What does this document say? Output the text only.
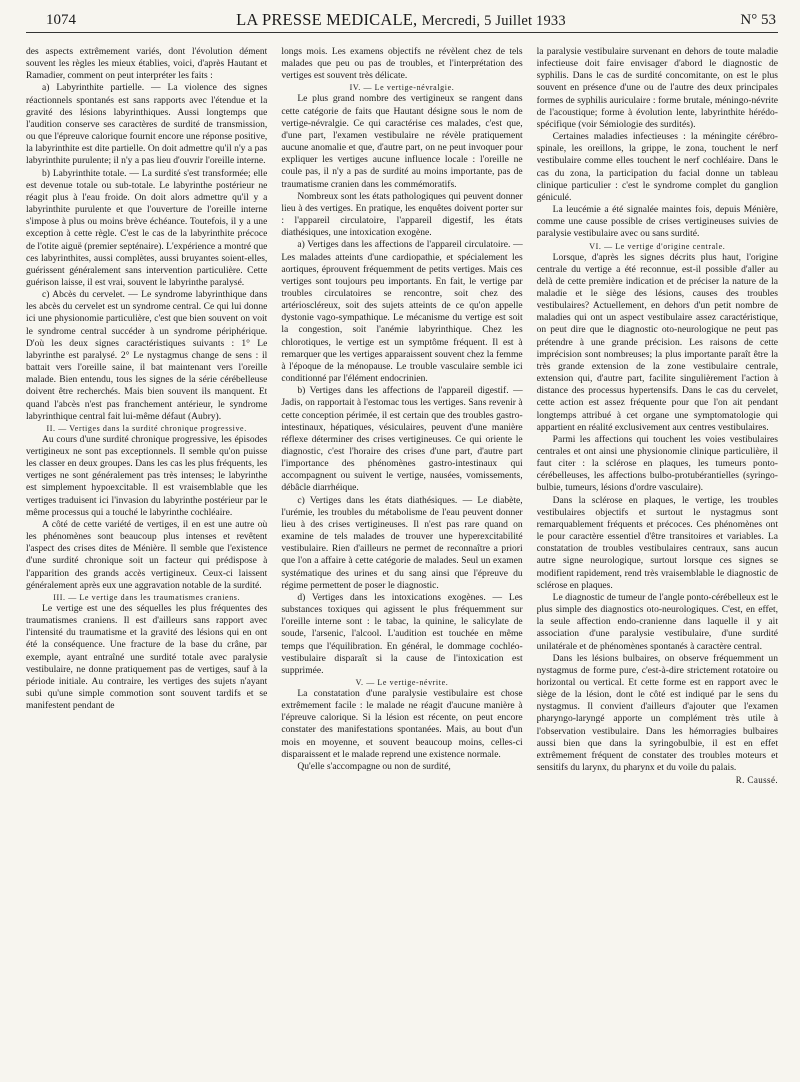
1074	LA PRESSE MEDICALE, Mercredi, 5 Juillet 1933	N° 53

des aspects extrêmement variés, dont l'évolution dément souvent les règles les mieux établies, voici, d'après Hautant et Ramadier, comment on peut interpréter les faits :

a) Labyrinthite partielle. — La violence des signes réactionnels spontanés est sans rapports avec l'étendue et la gravité des lésions labyrinthiques. Aussi longtemps que l'audition conserve ses caractères de surdité de transmission, ou que l'épreuve calorique fournit encore une réponse positive, la labyrinthite est dite partielle. On doit admettre qu'il n'y a pas labyrinthite purulente; il n'y a pas lieu d'ouvrir l'oreille interne.

b) Labyrinthite totale. — La surdité s'est transformée; elle est devenue totale ou sub-totale. Le labyrinthe postérieur ne réagit plus à l'eau froide. On doit alors admettre qu'il y a labyrinthite purulente et que l'ouverture de l'oreille interne s'impose à plus ou moins brève échéance. Toutefois, il y a une exception à cette règle. C'est le cas de la labyrinthite précoce de l'otite aiguë (premier septénaire). L'expérience a montré que ces labyrinthites, aussi complètes, aussi bruyantes soient-elles, guérissent généralement sans intervention particulière. Cette guérison laisse, il est vrai, souvent le labyrinthe paralysé.

c) Abcès du cervelet. — Le syndrome labyrinthique dans les abcès du cervelet est un syndrome central. Ce qui lui donne ici une physionomie particulière, c'est que bien souvent on voit le syndrome central succéder à un syndrome périphérique. D'où les deux signes caractéristiques suivants : 1° Le labyrinthe est paralysé. 2° Le nystagmus change de sens : il battait vers l'oreille saine, il bat maintenant vers l'oreille malade. Bien entendu, tous les signes de la série cérébelleuse doivent être recherchés. Mais bien souvent ils manquent. Et quand l'abcès n'est pas franchement antérieur, le syndrome labyrinthique central fait lui-même défaut (Aubry).

II. — Vertiges dans la surdité chronique progressive.

Au cours d'une surdité chronique progressive, les épisodes vertigineux ne sont pas exceptionnels. Il semble qu'on puisse les classer en deux groupes. Dans les cas les plus fréquents, les vertiges ne sont généralement pas très intenses; le labyrinthe est simplement hypoexcitable. Il est vraisemblable que les vertiges traduisent ici l'invasion du labyrinthe postérieur par le même processus qui a touché le labyrinthe cochléaire.

A côté de cette variété de vertiges, il en est une autre où les phénomènes sont beaucoup plus intenses et revêtent l'aspect des crises dites de Ménière. Il semble que l'existence d'une surdité chronique soit un facteur qui prédispose à l'apparition des grands accès vertigineux. Ceux-ci laissent généralement après eux une aggravation notable de la surdité.

III. — Le vertige dans les traumatismes craniens.

Le vertige est une des séquelles les plus fréquentes des traumatismes craniens. Il est d'ailleurs sans rapport avec l'intensité du traumatisme et la gravité des lésions qui en ont été la conséquence. Une fracture de la base du crâne, par exemple, ayant entraîné une surdité totale avec paralysie vestibulaire, ne donne pratiquement pas de vertiges, sauf à la période initiale. Au contraire, les vertiges des sujets n'ayant subi qu'une simple commotion sont souvent tardifs et se manifestent pendant de

longs mois. Les examens objectifs ne révèlent chez de tels malades que peu ou pas de troubles, et l'interprétation des vertiges est souvent très délicate.

IV. — Le vertige-névralgie.

Le plus grand nombre des vertigineux se rangent dans cette catégorie de faits que Hautant désigne sous le nom de vertige-névralgie. Ce qui caractérise ces malades, c'est que, d'une part, l'examen vestibulaire ne révèle pratiquement aucune anomalie et que, d'autre part, on ne peut invoquer pour expliquer les vertiges aucune influence locale : l'oreille ne coule pas, il n'y a pas de surdité au moins importante, pas de traumatisme cranien dans les commémoratifs.

Nombreux sont les états pathologiques qui peuvent donner lieu à des vertiges. En pratique, les enquêtes doivent porter sur : l'appareil circulatoire, l'appareil digestif, les états diathésiques, une intoxication exogène.

a) Vertiges dans les affections de l'appareil circulatoire. — Les malades atteints d'une cardiopathie, et spécialement les aortiques, éprouvent fréquemment de petits vertiges. Mais ces vertiges sont toujours peu importants. En fait, le vertige par troubles circulatoires se rencontre, soit chez des artérioscléreux, soit des sujets atteints de ce qu'on appelle dystonie vago-sympathique. Le mécanisme du vertige est soit la congestion, soit l'anémie labyrinthique. Chez les chlorotiques, le vertige est un symptôme fréquent. Il est à remarquer que les vertiges apparaissent souvent chez la femme à l'époque de la ménopause. Le trouble vasculaire semble ici conditionné par l'élément endocrinien.

b) Vertiges dans les affections de l'appareil digestif. — Jadis, on rapportait à l'estomac tous les vertiges. Sans revenir à cette conception périmée, il est certain que des troubles gastro-intestinaux, hépatiques, vésiculaires, peuvent d'une manière réflexe déterminer des crises vertigineuses. Ce qui oriente le diagnostic, c'est l'horaire des crises d'une part, d'autre part l'importance des phénomènes gastro-intestinaux qui accompagnent ou suivent le vertige, nausées, vomissements, débâcle diarrhéique.

c) Vertiges dans les états diathésiques. — Le diabète, l'urémie, les troubles du métabolisme de l'eau peuvent donner lieu à des crises vertigineuses. Il n'est pas rare quand on examine de tels malades de trouver une hyperexcitabilité vestibulaire. Rien d'ailleurs ne permet de reconnaître a priori que l'on a affaire à cette catégorie de malades. Seul un examen systématique des urines et du sang ainsi que l'épreuve du régime permettent de poser le diagnostic.

d) Vertiges dans les intoxications exogènes. — Les substances toxiques qui agissent le plus fréquemment sur l'oreille interne sont : le tabac, la quinine, le salicylate de soude, l'arsenic, l'alcool. L'audition est touchée en même temps que l'équilibration. En général, le dommage cochléo-vestibulaire disparaît si la cause de l'intoxication est supprimée.

V. — Le vertige-névrite.

La constatation d'une paralysie vestibulaire est chose extrêmement facile : le malade ne réagit d'aucune manière à l'épreuve calorique. Si la lésion est récente, on peut encore constater des manifestations spontanées. Mais, au bout d'un mois en moyenne, et souvent beaucoup moins, celles-ci disparaissent et le malade reprend une existence normale.

Qu'elle s'accompagne ou non de surdité,

la paralysie vestibulaire survenant en dehors de toute maladie infectieuse doit faire envisager d'abord le diagnostic de syphilis. Dans le cas de surdité concomitante, on est le plus souvent en présence d'une ou de l'autre des deux principales formes de syphilis auriculaire : forme brutale, méningo-névrite de l'acoustique; forme à évolution lente, labyrinthite hérédo-spécifique (voir Sémiologie des surdités).

Certaines maladies infectieuses : la méningite cérébro-spinale, les oreillons, la grippe, le zona, touchent le nerf vestibulaire comme elles touchent le nerf cochléaire. Dans le cas du zona, la participation du facial donne un tableau clinique particulier : c'est le syndrome complet du ganglion géniculé.

La leucémie a été signalée maintes fois, depuis Ménière, comme une cause possible de crises vertigineuses suivies de paralysie vestibulaire avec ou sans surdité.

VI. — Le vertige d'origine centrale.

Lorsque, d'après les signes décrits plus haut, l'origine centrale du vertige a été reconnue, est-il possible d'aller au delà de cette première indication et de préciser la nature de la maladie et le siège des lésions, causes des troubles vestibulaires? Actuellement, en dehors d'un petit nombre de maladies qui ont un aspect vestibulaire assez caractéristique, on peut dire que le diagnostic oto-neurologique ne peut pas prétendre à une grande précision. Les raisons de cette imprécision sont nombreuses; la plus importante paraît être la très grande extension de la zone vestibulaire centrale, extension qui, d'autre part, facilite singulièrement l'action à distance des processus hypertensifs. Dans le cas du cervelet, cette action est assez fréquente pour que l'on ait pendant longtemps attribué à cet organe une symptomatologie qui appartient en réalité exclusivement aux centres vestibulaires.

Parmi les affections qui touchent les voies vestibulaires centrales et ont ainsi une physionomie clinique particulière, il faut citer : la sclérose en plaques, les tumeurs ponto-cérébelleuses, les affections bulbo-protubérantielles (syringo-bulbie, tumeurs, lésions d'ordre vasculaire).

Dans la sclérose en plaques, le vertige, les troubles vestibulaires objectifs et surtout le nystagmus sont remarquablement fréquents et précoces. Ces phénomènes ont le pour caractère essentiel d'être transitoires et variables. La constatation de troubles vestibulaires centraux, sans aucun autre signe neurologique, surtout lorsque ces signes se modifient rapidement, rend très vraisemblable le diagnostic de sclérose en plaques.

Le diagnostic de tumeur de l'angle ponto-cérébelleux est le plus simple des diagnostics oto-neurologiques. C'est, en effet, la seule affection endo-cranienne dans laquelle il y ait association d'une paralysie vestibulaire, d'une surdité unilatérale et de phénomènes spontanés à caractère central.

Dans les lésions bulbaires, on observe fréquemment un nystagmus de forme pure, c'est-à-dire strictement rotatoire ou horizontal ou vertical. Et cette forme est en rapport avec le siège de la lésion, dont le côté est indiqué par le sens du nystagmus. Il convient d'ailleurs d'ajouter que l'examen pharyngo-laryngé apporte un complément très utile à l'observation vestibulaire. Dans les hémorragies bulbaires aussi bien que dans la syringobulbie, il est en effet extrêmement fréquent de constater des troubles moteurs et sensitifs du larynx, du pharynx et du voile du palais.

R. Caussé.
